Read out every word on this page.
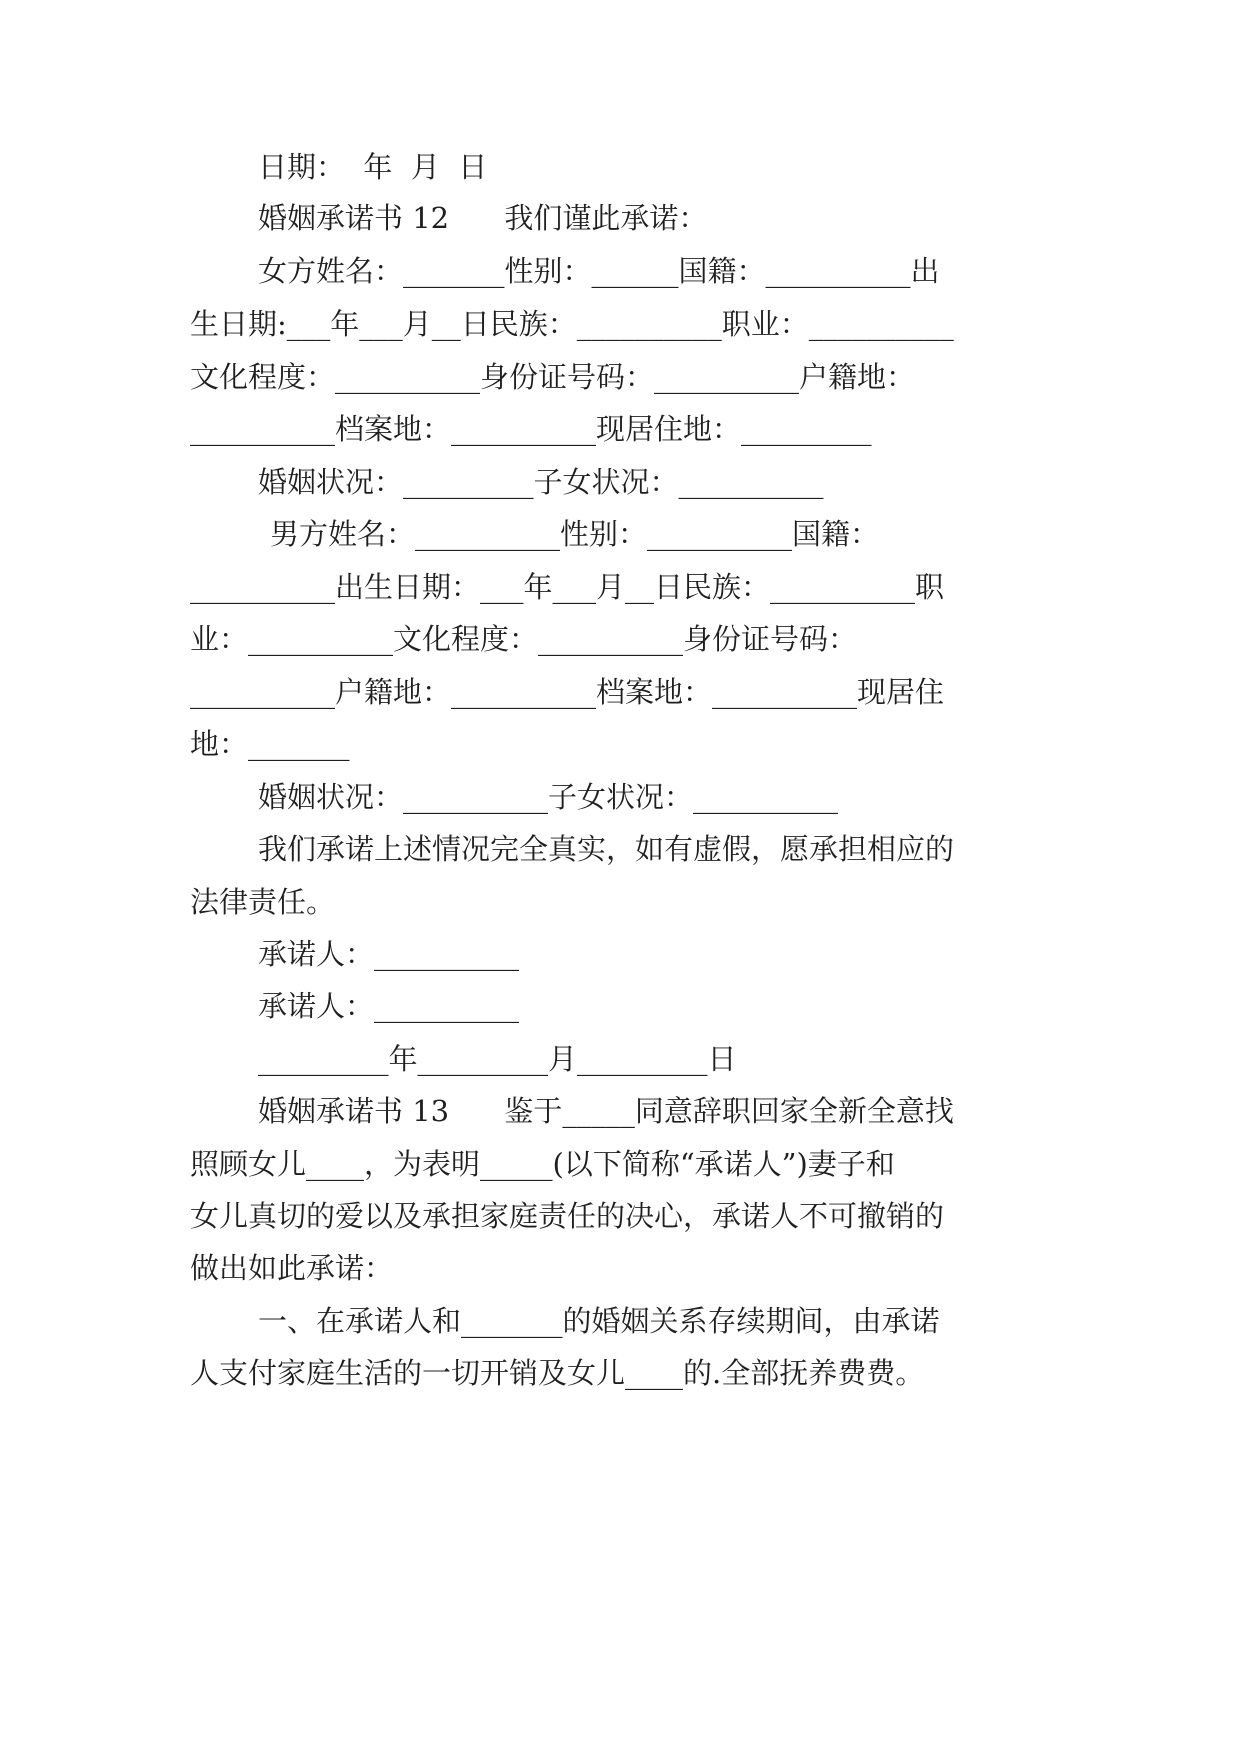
日期：  年  月  日
婚姻承诺书 12      我们谨此承诺：
女方姓名：_______性别：______国籍：__________出
生日期:___年___月__日民族：__________职业：__________
文化程度：__________身份证号码：__________户籍地：
__________档案地：__________现居住地：_________
婚姻状况：_________子女状况：__________
男方姓名：__________性别：__________国籍：
__________出生日期：___年___月__日民族：__________职
业：__________文化程度：__________身份证号码：
__________户籍地：__________档案地：__________现居住
地：_______
婚姻状况：__________子女状况：__________
我们承诺上述情况完全真实，如有虚假，愿承担相应的
法律责任。
承诺人：__________
承诺人：__________
_________年_________月_________日
婚姻承诺书 13      鉴于_____同意辞职回家全新全意找
照顾女儿____，为表明_____(以下简称“承诺人”)妻子和
女儿真切的爱以及承担家庭责任的决心，承诺人不可撤销的
做出如此承诺：
一、在承诺人和_______的婚姻关系存续期间，由承诺
人支付家庭生活的一切开销及女儿____的.全部抚养费费。
